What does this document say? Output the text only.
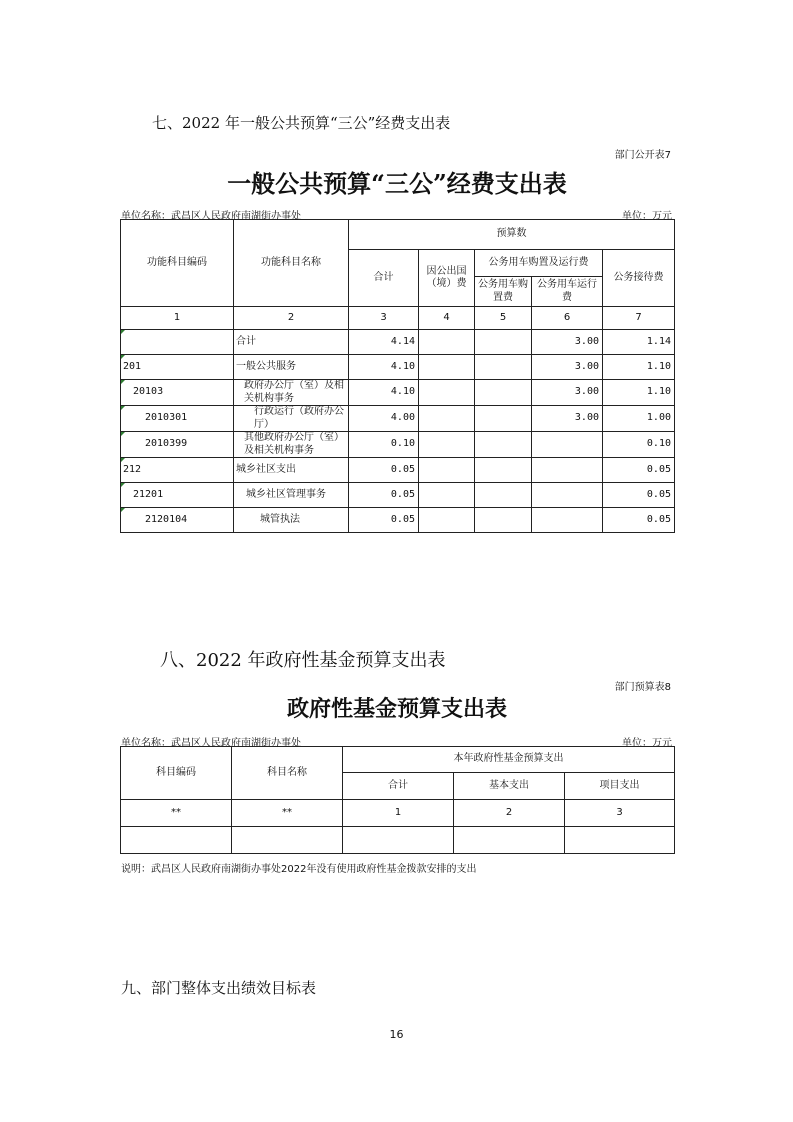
七、2022 年一般公共预算“三公”经费支出表
部门公开表7
一般公共预算“三公”经费支出表
单位名称：武昌区人民政府南湖街办事处	单位：万元
功能科目编码	功能科目名称	预算数				
		合计	因公出国（境）费	公务用车购置及运行费		公务接待费
				公务用车购置费	公务用车运行费	
1	2	3	4	5	6	7
	合计	4.14			3.00	1.14
201	一般公共服务	4.10			3.00	1.10
20103	政府办公厅（室）及相关机构事务	4.10			3.00	1.10
2010301	行政运行（政府办公厅）	4.00			3.00	1.00
2010399	其他政府办公厅（室）及相关机构事务	0.10				0.10
212	城乡社区支出	0.05				0.05
21201	城乡社区管理事务	0.05				0.05
2120104	城管执法	0.05				0.05
八、2022 年政府性基金预算支出表
部门预算表8
政府性基金预算支出表
单位名称：武昌区人民政府南湖街办事处	单位：万元
科目编码	科目名称	本年政府性基金预算支出		
		合计	基本支出	项目支出
**	**	1	2	3

说明：武昌区人民政府南湖街办事处2022年没有使用政府性基金拨款安排的支出
九、部门整体支出绩效目标表
16
